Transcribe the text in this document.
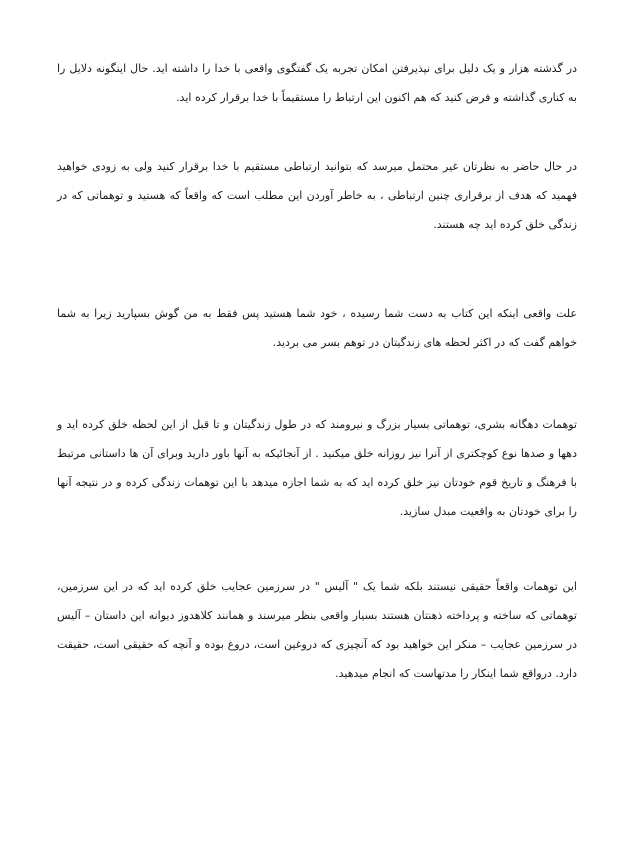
در گذشته هزار و یک دلیل برای نپذیرفتن امکان تجربه یک گفتگوی واقعی با خدا را داشته اید. حال اینگونه دلایل را به کناری گذاشته و فرض کنید که هم اکنون این ارتباط را مستقیماً با خدا برقرار کرده اید.

در حال حاضر به نظرتان غیر محتمل میرسد که بتوانید ارتباطی مستقیم با خدا برقرار کنید ولی به زودی خواهید فهمید که هدف از برقراری چنین ارتباطی ، به خاطر آوردن این مطلب است که واقعاً که هستید و توهماتی که در زندگی خلق کرده اید چه هستند.

علت واقعی اینکه این کتاب به دست شما رسیده ، خود شما هستید پس فقط به من گوش بسپارید زیرا به شما خواهم گفت که در اکثر لحظه های زندگیتان در توهم بسر می بردید.

توهمات دهگانه بشری، توهماتی بسیار بزرگ و نیرومند که در طول زندگیتان و تا قبل از این لحظه خلق کرده اید و دهها و صدها نوع کوچکتری از آنرا نیز روزانه خلق میکنید . از آنجائیکه به آنها باور دارید وبرای آن ها داستانی مرتبط با فرهنگ و تاریخ قوم خودتان نیز خلق کرده اید که به شما اجازه میدهد با این توهمات زندگی کرده و در نتیجه آنها را برای خودتان به واقعیت مبدل سازید.

این توهمات واقعاً حقیقی نیستند بلکه شما یک " آلیس " در سرزمین عجایب خلق کرده اید که در این سرزمین، توهماتی که ساخته و پرداخته ذهنتان هستند بسیار واقعی بنظر میرسند و همانند کلاهدوز دیوانه این داستان – آلیس در سرزمین عجایب – منکر این خواهید بود که آنچیزی که دروغین است، دروغ بوده و آنچه که حقیقی است، حقیقت دارد. درواقع شما اینکار را مدتهاست که انجام میدهید.
